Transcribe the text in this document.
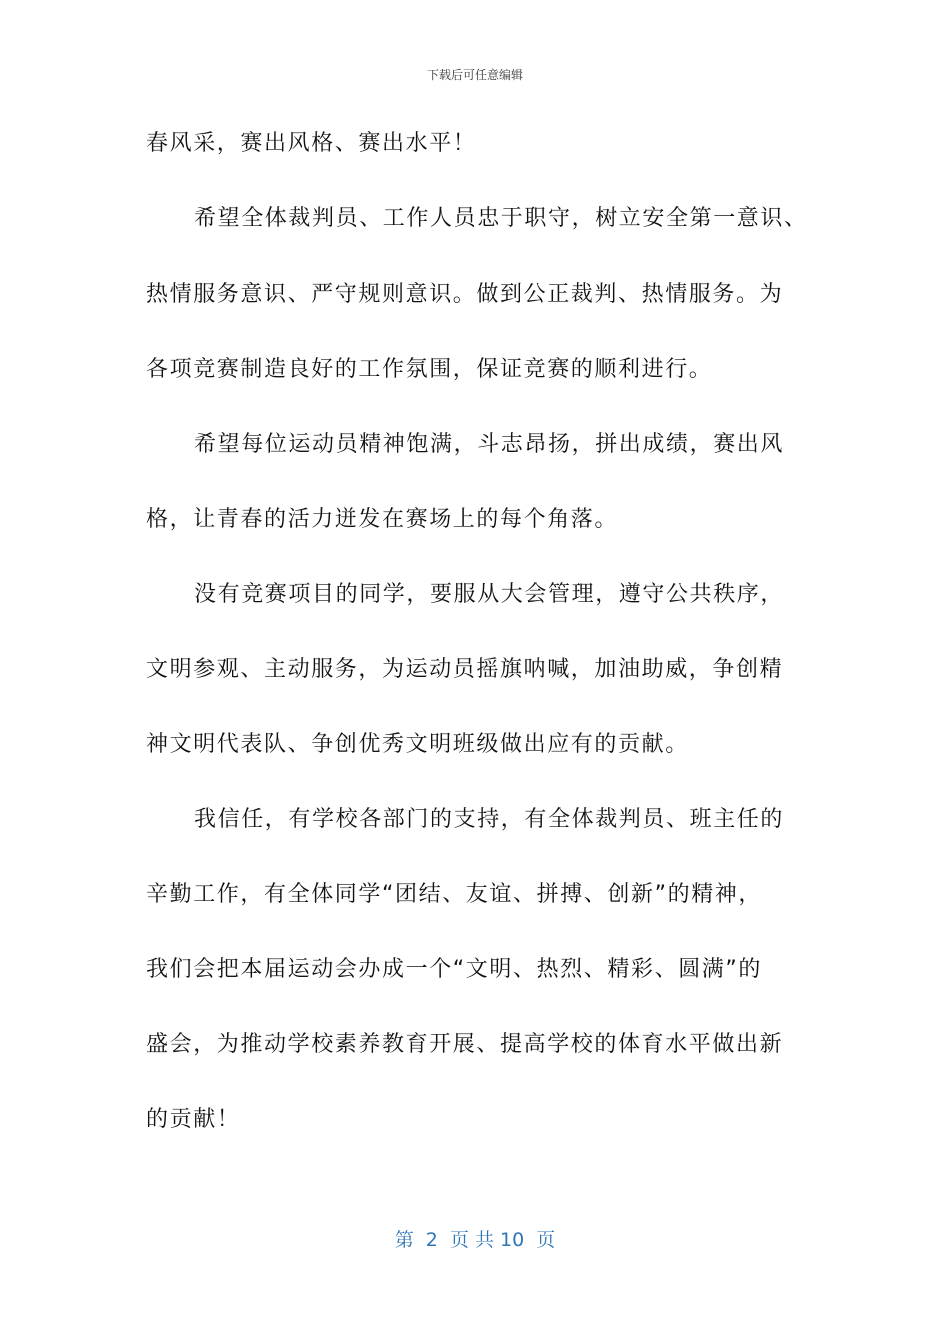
下载后可任意编辑
春风采，赛出风格、赛出水平！
希望全体裁判员、工作人员忠于职守，树立安全第一意识、
热情服务意识、严守规则意识。做到公正裁判、热情服务。为
各项竞赛制造良好的工作氛围，保证竞赛的顺利进行。
希望每位运动员精神饱满，斗志昂扬，拼出成绩，赛出风
格，让青春的活力迸发在赛场上的每个角落。
没有竞赛项目的同学，要服从大会管理，遵守公共秩序，
文明参观、主动服务，为运动员摇旗呐喊，加油助威，争创精
神文明代表队、争创优秀文明班级做出应有的贡献。
我信任，有学校各部门的支持，有全体裁判员、班主任的
辛勤工作，有全体同学“团结、友谊、拼搏、创新”的精神，
我们会把本届运动会办成一个“文明、热烈、精彩、圆满”的
盛会，为推动学校素养教育开展、提高学校的体育水平做出新
的贡献！
第  2  页 共 10  页
